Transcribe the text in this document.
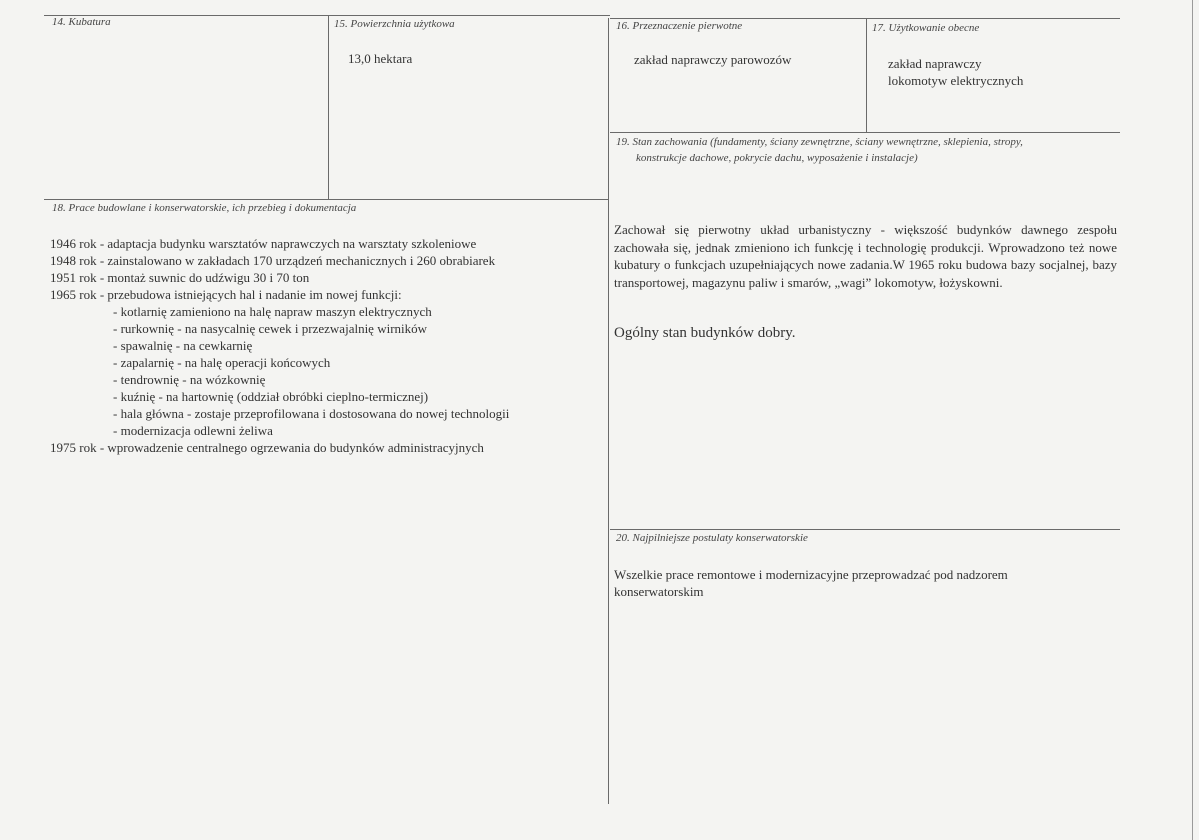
14. Kubatura	15. Powierzchnia użytkowa
13,0 hektara
16. Przeznaczenie pierwotne
zakład naprawczy parowozów
17. Użytkowanie obecne
zakład naprawczy
lokomotyw elektrycznych
19. Stan zachowania (fundamenty, ściany zewnętrzne, ściany wewnętrzne, sklepienia, stropy,
konstrukcje dachowe, pokrycie dachu, wyposażenie i instalacje)
Zachował się pierwotny układ urbanistyczny - większość budynków dawnego zespołu zachowała się, jednak zmieniono ich funkcję i technologię produkcji. Wprowadzono też nowe kubatury o funkcjach uzupełniających nowe zadania.W 1965 roku budowa bazy socjalnej, bazy transportowej, magazynu paliw i smarów, „wagi” lokomotyw, łożyskowni.
Ogólny stan budynków dobry.
18. Prace budowlane i konserwatorskie, ich przebieg i dokumentacja
1946 rok - adaptacja budynku warsztatów naprawczych na warsztaty szkoleniowe
1948 rok - zainstalowano w zakładach 170 urządzeń mechanicznych i 260 obrabiarek
1951 rok - montaż suwnic do udźwigu 30 i 70 ton
1965 rok - przebudowa istniejących hal i nadanie im nowej funkcji:
- kotlarnię zamieniono na halę napraw maszyn elektrycznych
- rurkownię - na nasycalnię cewek i przezwajalnię wirników
- spawalnię - na cewkarnię
- zapalarnię - na halę operacji końcowych
- tendrownię - na wózkownię
- kuźnię - na hartownię (oddział obróbki cieplno-termicznej)
- hala główna - zostaje przeprofilowana i dostosowana do nowej technologii
- modernizacja odlewni żeliwa
1975 rok - wprowadzenie centralnego ogrzewania do budynków administracyjnych
20. Najpilniejsze postulaty konserwatorskie
Wszelkie prace remontowe i modernizacyjne przeprowadzać pod nadzorem
konserwatorskim
